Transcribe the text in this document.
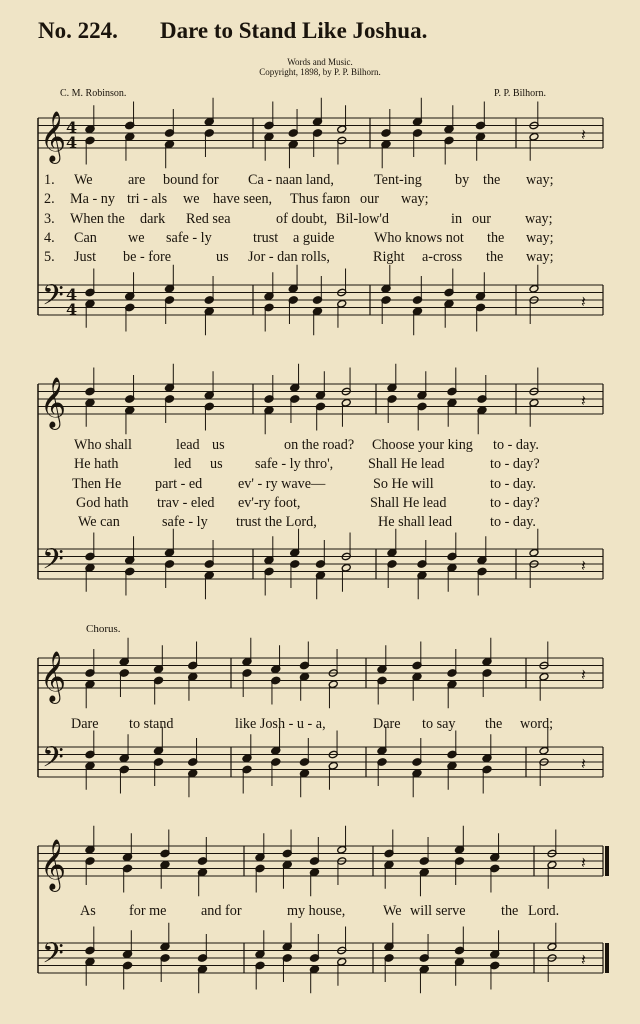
No. 224. Dare to Stand Like Joshua.
Words and Music.
Copyright, 1898, by P. P. Bilhorn.
C. M. Robinson.	P. P. Bilhorn.
Chorus.
1. We are bound for Ca - naan land,	Tent-ing by the way;
2. Ma - ny tri - als we have seen, Thus far
on our way;
3. When the dark Red sea	of doubt, Bil-low'd	in our way;
4. Can we safe - ly	trust a guide	Who knows not the way;
5. Just be - fore	us Jor - dan rolls,	Right a-cross the way;
Who shall	lead us	on the road? Choose your king to - day.
He hath	led us safe - ly thro', Shall He lead	to - day?
Then He part - ed	ev' - ry wave—	So He will	to - day.
God hath trav - eled ev'-ry foot,	Shall He lead	to - day?
We can	safe - ly trust the Lord,	He shall lead	to - day.
Dare to stand	like Josh - u - a,	Dare to say the word;
As for me and for	my house,	We will serve the Lord.
𝄞
𝄢
4
4
4
4
𝄽
𝄽
𝄞
𝄢
𝄽
𝄽
𝄞
𝄢
𝄽
𝄽
𝄞
𝄢
𝄽
𝄽
